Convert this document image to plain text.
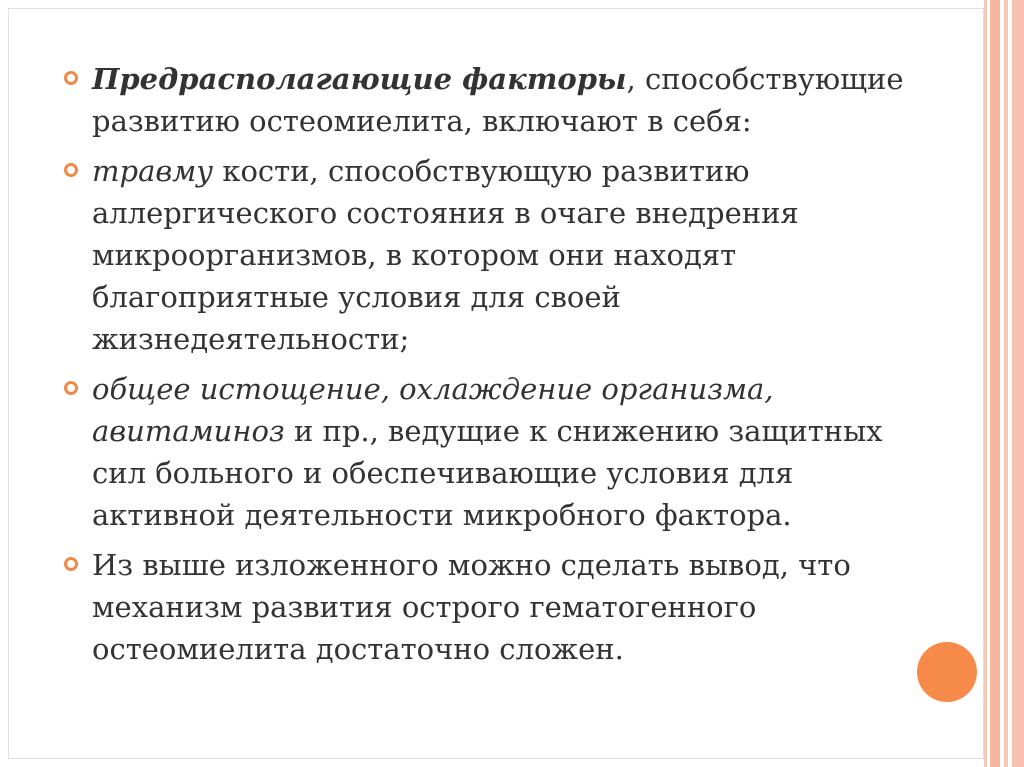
Предрасполагающие факторы, способствующие развитию остеомиелита, включают в себя:
травму кости, способствующую развитию аллергического состояния в очаге внедрения микроорганизмов, в котором они находят благоприятные условия для своей жизнедеятельности;
общее истощение, охлаждение организма, авитаминоз и пр., ведущие к снижению защитных сил больного и обеспечивающие условия для активной деятельности микробного фактора.
Из выше изложенного можно сделать вывод, что механизм развития острого гематогенного остеомиелита достаточно сложен.
